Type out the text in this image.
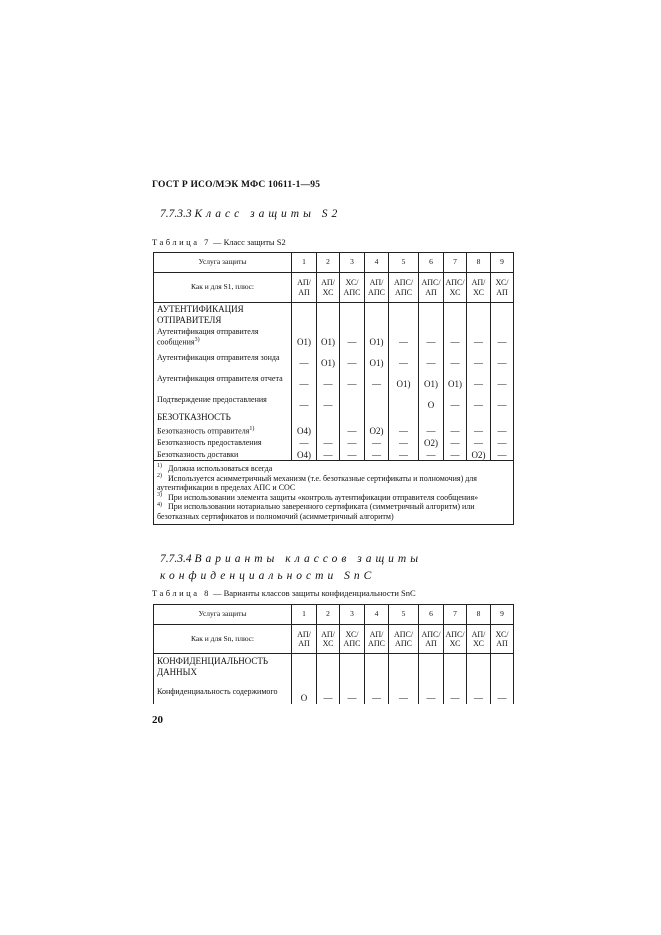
ГОСТ Р ИСО/МЭК МФС 10611-1—95
7.7.3.3 Класс защиты S2
Таблица 7 — Класс защиты S2
Услуга защиты	1	2	3	4	5	6	7	8	9
Как и для S1, плюс:	АП/ АП	АП/ ХС	ХС/ АПС	АП/ АПС	АПС/ АПС	АПС/ АП	АПС/ ХС	АП/ ХС	ХС/ АП
АУТЕНТИФИКАЦИЯ ОТПРАВИТЕЛЯ									
Аутентификация отправителя сообщения$^{3)}$	O1)	O1)	—	O1)	—	—	—	—	—
Аутентификация отправителя зонда	—	O1)	—	O1)	—	—	—	—	—
Аутентификация отправителя отчета	—	—	—	—	O1)	O1)	O1)	—	—
Подтверждение предоставления	—	—				O	—	—	—
БЕЗОТКАЗНОСТЬ									
Безотказность отправителя$^{1)}$	O4)		—	O2)	—	—	—	—	—
Безотказность предоставления	—	—	—	—	—	O2)	—	—	—
Безотказность доставки	O4)	—	—	—	—	—	—	O2)	—

$^{1)}$ Должна использоваться всегда
$^{2)}$ Используется асимметричный механизм (т.е. безотказные сертификаты и полномочия) для аутентификации в пределах АПС и СОС
$^{3)}$ При использовании элемента защиты «контроль аутентификации отправителя сообщения»
$^{4)}$ При использовании нотариально заверенного сертификата (симметричный алгоритм) или безотказных сертификатов и полномочий (асимметричный алгоритм)									
7.7.3.4 Варианты классов защиты конфиденциальности SnC
Таблица 8 — Варианты классов защиты конфиденциальности SnC
Услуга защиты	1	2	3	4	5	6	7	8	9
Как и для Sn, плюс:	АП/ АП	АП/ ХС	ХС/ АПС	АП/ АПС	АПС/ АПС	АПС/ АП	АПС/ ХС	АП/ ХС	ХС/ АП
КОНФИДЕНЦИАЛЬНОСТЬ ДАННЫХ									
Конфиденциальность содержимого	O	—	—	—	—	—	—	—	—
20
